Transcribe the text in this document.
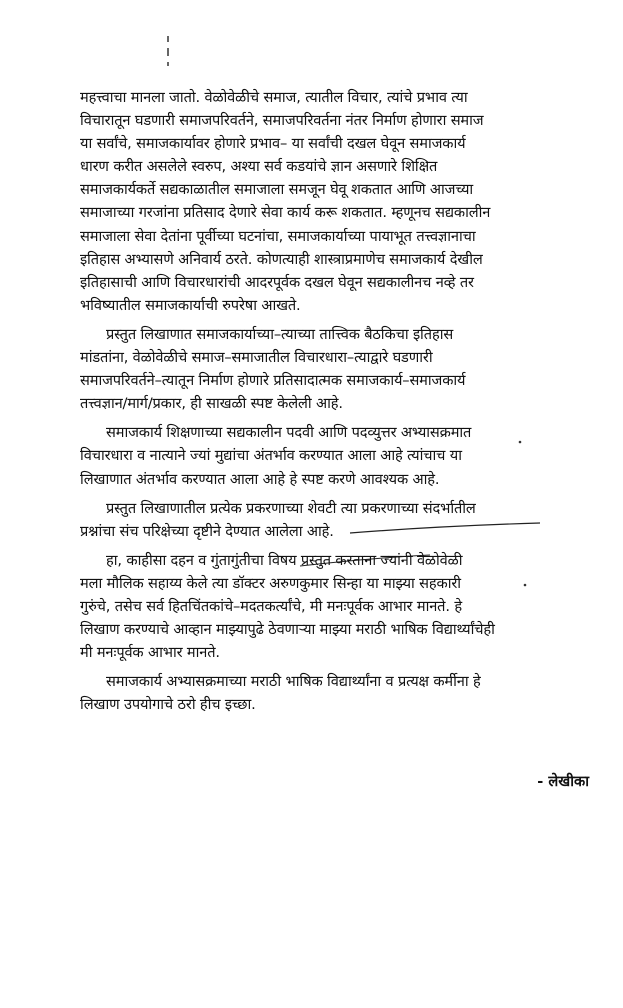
महत्त्वाचा मानला जातो. वेळोवेळीचे समाज, त्यातील विचार, त्यांचे प्रभाव त्या
विचारातून घडणारी समाजपरिवर्तने, समाजपरिवर्तना नंतर निर्माण होणारा समाज
या सर्वांचे, समाजकार्यावर होणारे प्रभाव– या सर्वांची दखल घेवून समाजकार्य
धारण करीत असलेले स्वरुप, अश्या सर्व कडयांचे ज्ञान असणारे शिक्षित
समाजकार्यकर्ते सद्यकाळातील समाजाला समजून घेवू शकतात आणि आजच्या
समाजाच्या गरजांना प्रतिसाद देणारे सेवा कार्य करू शकतात. म्हणूनच सद्यकालीन
समाजाला सेवा देतांना पूर्वीच्या घटनांचा, समाजकार्याच्या पायाभूत तत्त्वज्ञानाचा
इतिहास अभ्यासणे अनिवार्य ठरते. कोणत्याही शास्त्राप्रमाणेच समाजकार्य देखील
इतिहासाची आणि विचारधारांची आदरपूर्वक दखल घेवून सद्यकालीनच नव्हे तर
भविष्यातील समाजकार्याची रुपरेषा आखते.

प्रस्तुत लिखाणात समाजकार्याच्या–त्याच्या तात्त्विक बैठकिचा इतिहास
मांडतांना, वेळोवेळीचे समाज–समाजातील विचारधारा–त्याद्वारे घडणारी
समाजपरिवर्तने–त्यातून निर्माण होणारे प्रतिसादात्मक समाजकार्य–समाजकार्य
तत्त्वज्ञान/मार्ग/प्रकार, ही साखळी स्पष्ट केलेली आहे.

समाजकार्य शिक्षणाच्या सद्यकालीन पदवी आणि पदव्युत्तर अभ्यासक्रमात
विचारधारा व नात्याने ज्यां मुद्यांचा अंतर्भाव करण्यात आला आहे त्यांचाच या
लिखाणात अंतर्भाव करण्यात आला आहे हे स्पष्ट करणे आवश्यक आहे.

प्रस्तुत लिखाणातील प्रत्येक प्रकरणाच्या शेवटी त्या प्रकरणाच्या संदर्भातील
प्रश्नांचा संच परिक्षेच्या दृष्टीने देण्यात आलेला आहे.

हा, काहीसा दहन व गुंतागुंतीचा विषय प्रस्तुत करताना ज्यांनी वेळोवेळी
मला मौलिक सहाय्य केले त्या डॉक्टर अरुणकुमार सिन्हा या माझ्या सहकारी
गुरुंचे, तसेच सर्व हितचिंतकांचे–मदतकर्त्यांचे, मी मनःपूर्वक आभार मानते. हे
लिखाण करण्याचे आव्हान माझ्यापुढे ठेवणाऱ्या माझ्या मराठी भाषिक विद्यार्थ्यांचेही
मी मनःपूर्वक आभार मानते.

समाजकार्य अभ्यासक्रमाच्या मराठी भाषिक विद्यार्थ्यांना व प्रत्यक्ष कर्मीना हे
लिखाण उपयोगाचे ठरो हीच इच्छा.

- लेखीका
